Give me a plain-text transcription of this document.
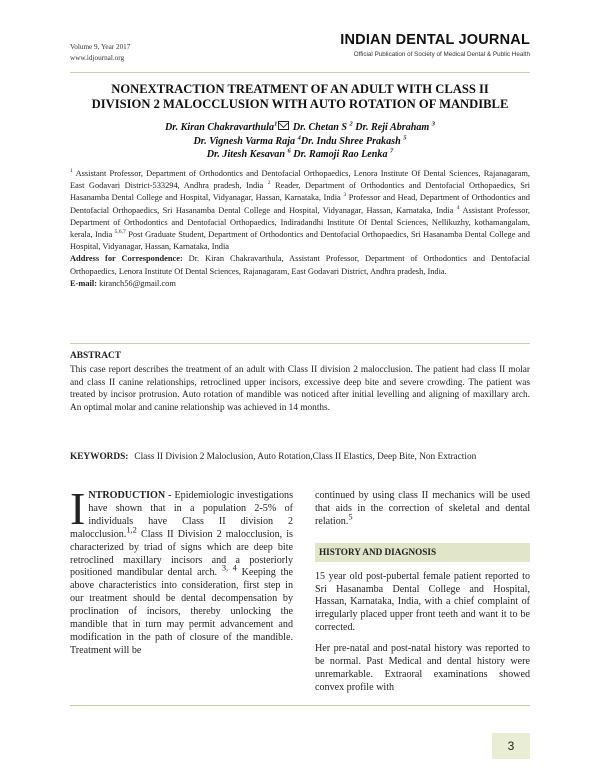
Volume 9, Year 2017
www.idjournal.org
INDIAN DENTAL JOURNAL
Official Publication of Society of Medical Dental & Public Health
NONEXTRACTION TREATMENT OF AN ADULT WITH CLASS II
DIVISION 2 MALOCCLUSION WITH AUTO ROTATION OF MANDIBLE
Dr. Kiran Chakravarthula$^1$ Dr. Chetan S $^2$ Dr. Reji Abraham $^3$
Dr. Vignesh Varma Raja $^4$Dr. Indu Shree Prakash $^5$
Dr. Jitesh Kesavan $^6$ Dr. Ramoji Rao Lenka $^7$
$^1$ Assistant Professor, Department of Orthodontics and Dentofacial Orthopaedics, Lenora Institute Of Dental Sciences, Rajanagaram, East Godavari District-533294, Andhra pradesh, India $^2$ Reader, Department of Orthodontics and Dentofacial Orthopaedics, Sri Hasanamba Dental College and Hospital, Vidyanagar, Hassan, Karnataka, India $^3$ Professor and Head, Department of Orthodontics and Dentofacial Orthopaedics, Sri Hasanamba Dental College and Hospital, Vidyanagar, Hassan, Karnataka, India $^4$ Assistant Professor, Department of Orthodontics and Dentofacial Orthopaedics, Indiradandhi Institute Of Dental Sciences, Nellikuzhy, kothamangalam, kerala, India $^{5,6,7}$ Post Graduate Student, Department of Orthodontics and Dentofacial Orthopaedics, Sri Hasanamba Dental College and Hospital, Vidyanagar, Hassan, Karnataka, India
Address for Correspondence: Dr. Kiran Chakravarthula, Assistant Professor, Department of Orthodontics and Dentofacial Orthopaedics, Lenora Institute Of Dental Sciences, Rajanagaram, East Godavari District, Andhra pradesh, India.
E-mail: kiranch56@gmail.com
ABSTRACT
This case report describes the treatment of an adult with Class II division 2 malocclusion. The patient had class II molar and class II canine relationships, retroclined upper incisors, excessive deep bite and severe crowding. The patient was treated by incisor protrusion. Auto rotation of mandible was noticed after initial levelling and aligning of maxillary arch. An optimal molar and canine relationship was achieved in 14 months.
KEYWORDS: Class II Division 2 Maloclusion, Auto Rotation,Class II Elastics, Deep Bite, Non Extraction
INTRODUCTION - Epidemiologic investigations have shown that in a population 2-5% of individuals have Class II division 2 malocclusion.$^{1,2}$ Class II Division 2 malocclusion, is characterized by triad of signs which are deep bite retroclined maxillary incisors and a posteriorly positioned mandibular dental arch. $^{3, 4}$ Keeping the above characteristics into consideration, first step in our treatment should be dental decompensation by proclination of incisors, thereby unlocking the mandible that in turn may permit advancement and modification in the path of closure of the mandible. Treatment will be

continued by using class II mechanics will be used that aids in the correction of skeletal and dental relation.$^5$

HISTORY AND DIAGNOSIS

15 year old post-pubertal female patient reported to Sri Hasanamba Dental College and Hospital, Hassan, Karnataka, India, with a chief complaint of irregularly placed upper front teeth and want it to be corrected.

Her pre-natal and post-natal history was reported to be normal. Past Medical and dental history were unremarkable. Extraoral examinations showed convex profile with

3
